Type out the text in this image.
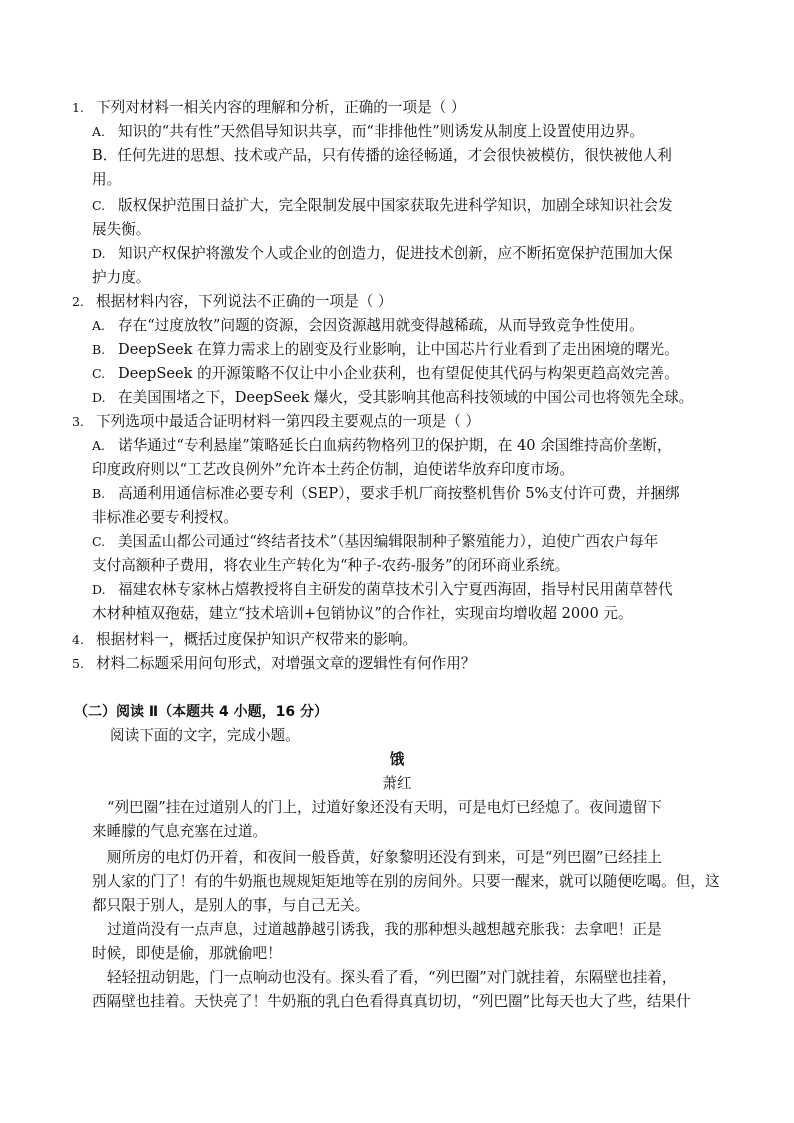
1. 下列对材料一相关内容的理解和分析，正确的一项是（ ）
A. 知识的“共有性”天然倡导知识共享，而“非排他性”则诱发从制度上设置使用边界。
B．任何先进的思想、技术或产品，只有传播的途径畅通，才会很快被模仿，很快被他人利
用。
C. 版权保护范围日益扩大，完全限制发展中国家获取先进科学知识，加剧全球知识社会发
展失衡。
D. 知识产权保护将激发个人或企业的创造力，促进技术创新，应不断拓宽保护范围加大保
护力度。
2. 根据材料内容，下列说法不正确的一项是（ ）
A. 存在“过度放牧”问题的资源，会因资源越用就变得越稀疏，从而导致竞争性使用。
B. DeepSeek 在算力需求上的剧变及行业影响，让中国芯片行业看到了走出困境的曙光。
C. DeepSeek 的开源策略不仅让中小企业获利，也有望促使其代码与构架更趋高效完善。
D. 在美国围堵之下，DeepSeek 爆火，受其影响其他高科技领域的中国公司也将领先全球。
3. 下列选项中最适合证明材料一第四段主要观点的一项是（ ）
A. 诺华通过“专利悬崖”策略延长白血病药物格列卫的保护期，在 40 余国维持高价垄断，
印度政府则以“工艺改良例外”允许本土药企仿制，迫使诺华放弃印度市场。
B. 高通利用通信标准必要专利（SEP），要求手机厂商按整机售价 5%支付许可费，并捆绑
非标准必要专利授权。
C. 美国孟山都公司通过“终结者技术”（基因编辑限制种子繁殖能力），迫使广西农户每年
支付高额种子费用，将农业生产转化为“种子-农药-服务”的闭环商业系统。
D. 福建农林专家林占熺教授将自主研发的菌草技术引入宁夏西海固，指导村民用菌草替代
木材种植双孢菇，建立“技术培训+包销协议”的合作社，实现亩均增收超 2000 元。
4. 根据材料一，概括过度保护知识产权带来的影响。
5. 材料二标题采用问句形式，对增强文章的逻辑性有何作用？
（二）阅读 Ⅱ（本题共 4 小题，16 分）
阅读下面的文字，完成小题。
饿
萧红
“列巴圈”挂在过道别人的门上，过道好象还没有天明，可是电灯已经熄了。夜间遗留下
来睡朦的气息充塞在过道。
厕所房的电灯仍开着，和夜间一般昏黄，好象黎明还没有到来，可是“列巴圈”已经挂上
别人家的门了！有的牛奶瓶也规规矩矩地等在别的房间外。只要一醒来，就可以随便吃喝。但，这
都只限于别人，是别人的事，与自己无关。
过道尚没有一点声息，过道越静越引诱我，我的那种想头越想越充胀我：去拿吧！正是
时候，即使是偷，那就偷吧！
轻轻扭动钥匙，门一点响动也没有。探头看了看，“列巴圈”对门就挂着，东隔壁也挂着，
西隔壁也挂着。天快亮了！牛奶瓶的乳白色看得真真切切，“列巴圈”比每天也大了些，结果什
